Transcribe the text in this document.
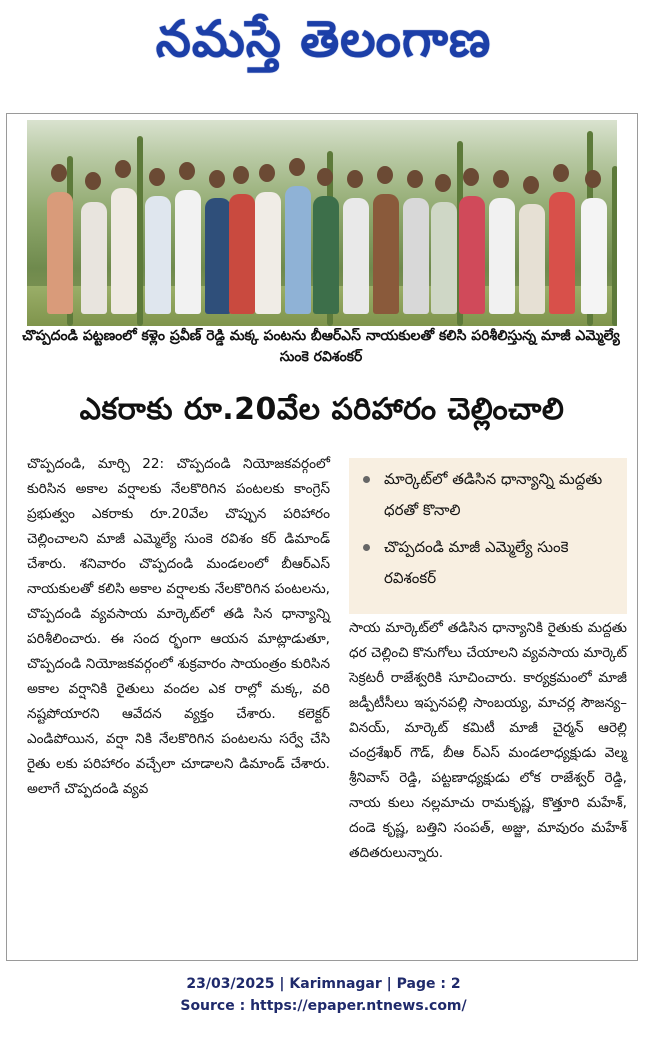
నమస్తే తెలంగాణ
చొప్పదండి పట్టణంలో కళ్లెం ప్రవీణ్ రెడ్డి మక్క పంటను బీఆర్ఎస్ నాయకులతో కలిసి పరిశీలిస్తున్న మాజీ ఎమ్మెల్యే సుంకె రవిశంకర్
ఎకరాకు రూ.20వేల పరిహారం చెల్లించాలి
చొప్పదండి, మార్చి 22: చొప్పదండి నియోజకవర్గంలో కురిసిన అకాల వర్షాలకు నేలకొరిగిన పంటలకు కాంగ్రెస్ ప్రభుత్వం ఎకరాకు రూ.20వేల చొప్పున పరిహారం చెల్లించాలని మాజీ ఎమ్మెల్యే సుంకె రవిశం కర్ డిమాండ్ చేశారు. శనివారం చొప్పదండి మండలంలో బీఆర్ఎస్ నాయకులతో కలిసి అకాల వర్షాలకు నేలకొరిగిన పంటలను, చొప్పదండి వ్యవసాయ మార్కెట్‌లో తడి సిన ధాన్యాన్ని పరిశీలించారు. ఈ సంద ర్భంగా ఆయన మాట్లాడుతూ, చొప్పదండి నియోజకవర్గంలో శుక్రవారం సాయంత్రం కురిసిన అకాల వర్షానికి రైతులు వందల ఎక రాల్లో మక్క, వరి నష్టపోయారని ఆవేదన వ్యక్తం చేశారు. కలెక్టర్ ఎండిపోయిన, వర్షా నికి నేలకొరిగిన పంటలను సర్వే చేసి రైతు లకు పరిహారం వచ్చేలా చూడాలని డిమాండ్ చేశారు. అలాగే చొప్పదండి వ్యవ
మార్కెట్‌లో తడిసిన ధాన్యాన్ని మద్దతు ధరతో కొనాలి
చొప్పదండి మాజీ ఎమ్మెల్యే సుంకె రవిశంకర్
సాయ మార్కెట్‌లో తడిసిన ధాన్యానికి రైతుకు మద్దతు ధర చెల్లించి కొనుగోలు చేయాలని వ్యవసాయ మార్కెట్ సెక్రటరీ రాజేశ్వరికి సూచించారు. కార్యక్రమంలో మాజీ జడ్పీటీసీలు ఇప్పనపల్లి సాంబయ్య, మాచర్ల సౌజన్య– వినయ్, మార్కెట్ కమిటీ మాజీ చైర్మన్ ఆరెల్లి చంద్రశేఖర్ గౌడ్, బీఆ ర్ఎస్ మండలాధ్యక్షుడు వెల్మ శ్రీనివాస్ రెడ్డి, పట్టణాధ్యక్షుడు లోక రాజేశ్వర్ రెడ్డి, నాయ కులు నల్లమాచు రామకృష్ణ, కొత్తూరి మహేశ్, దండె కృష్ణ, బత్తిని సంపత్, అజ్జు, మావురం మహేశ్ తదితరులున్నారు.
23/03/2025 | Karimnagar | Page : 2
Source : https://epaper.ntnews.com/
